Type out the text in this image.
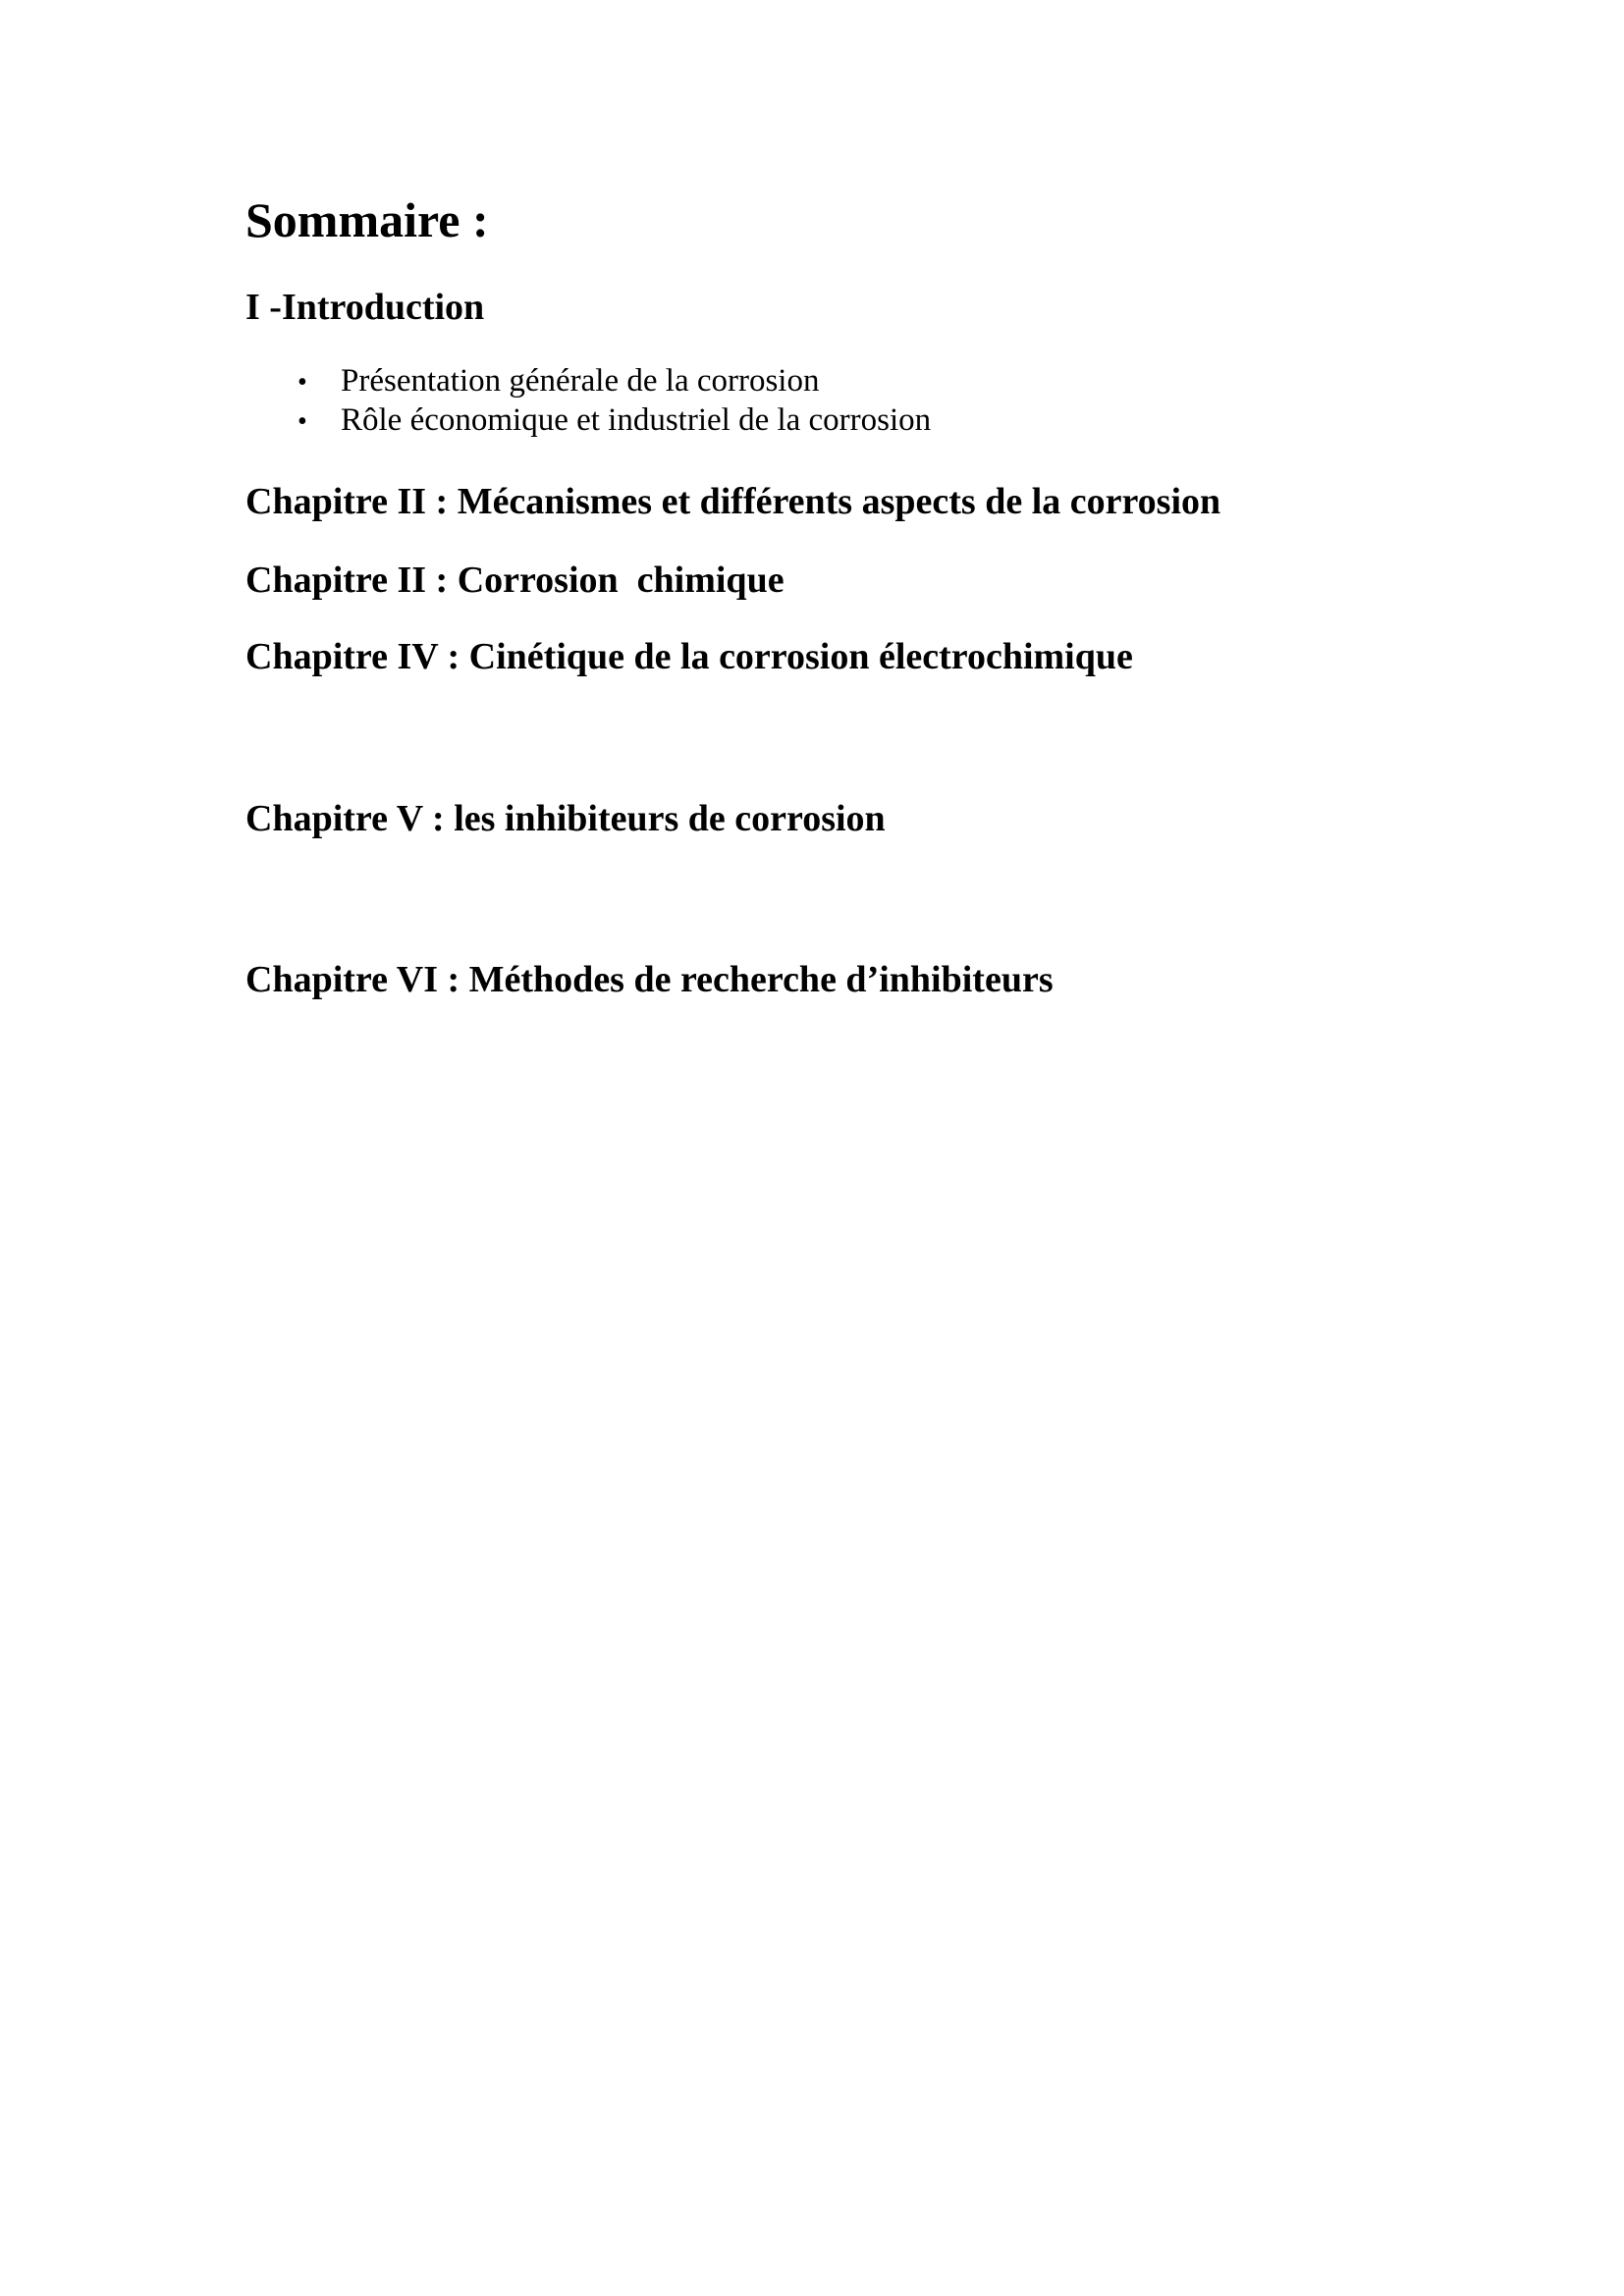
Sommaire :
I -Introduction
•	Présentation générale de la corrosion
•	Rôle économique et industriel de la corrosion
Chapitre II : Mécanismes et différents aspects de la corrosion
Chapitre II : Corrosion  chimique
Chapitre IV : Cinétique de la corrosion électrochimique
Chapitre V : les inhibiteurs de corrosion
Chapitre VI : Méthodes de recherche d’inhibiteurs
